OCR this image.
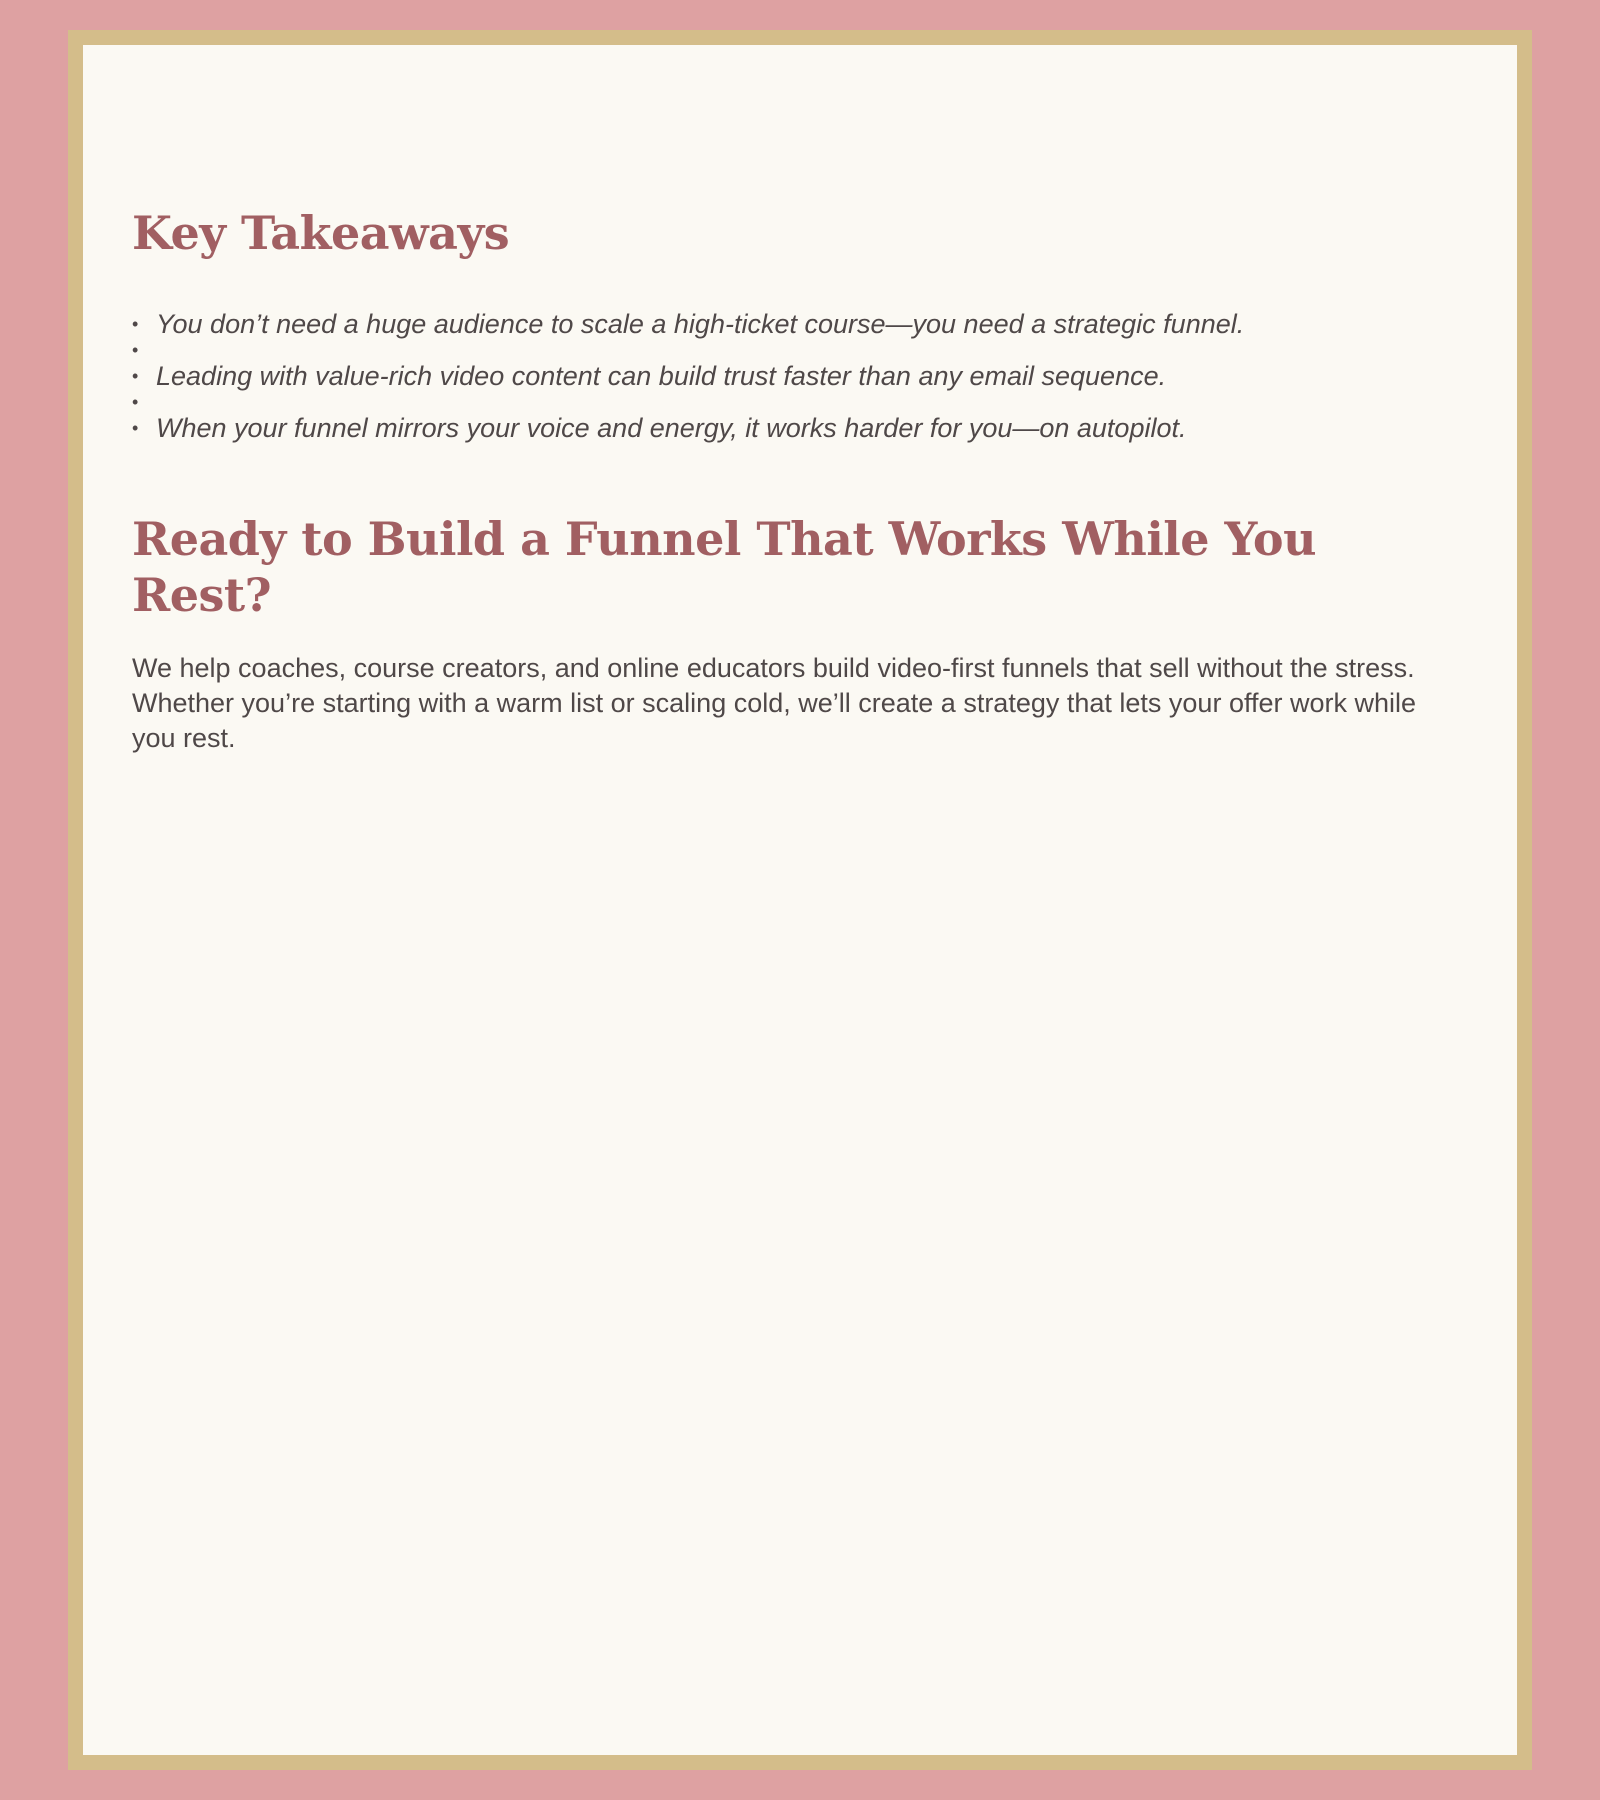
Key Takeaways
• You don’t need a huge audience to scale a high-ticket course—you need a strategic funnel.
•
• Leading with value-rich video content can build trust faster than any email sequence.
•
• When your funnel mirrors your voice and energy, it works harder for you—on autopilot.
Ready to Build a Funnel That Works While You Rest?

We help coaches, course creators, and online educators build video-first funnels that sell without the stress. Whether you’re starting with a warm list or scaling cold, we’ll create a strategy that lets your offer work while you rest.
